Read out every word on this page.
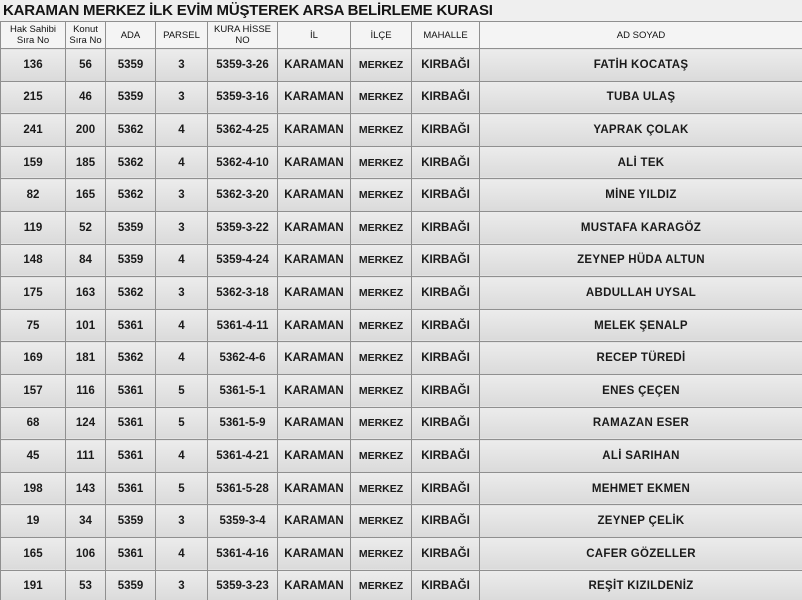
KARAMAN MERKEZ İLK EVİM MÜŞTEREK ARSA BELİRLEME KURASI
Hak Sahibi Sıra No	Konut Sıra No	ADA	PARSEL	KURA HİSSE NO	İL	İLÇE	MAHALLE	AD SOYAD
136	56	5359	3	5359-3-26	KARAMAN	MERKEZ	KIRBAĞI	FATİH KOCATAŞ
215	46	5359	3	5359-3-16	KARAMAN	MERKEZ	KIRBAĞI	TUBA ULAŞ
241	200	5362	4	5362-4-25	KARAMAN	MERKEZ	KIRBAĞI	YAPRAK ÇOLAK
159	185	5362	4	5362-4-10	KARAMAN	MERKEZ	KIRBAĞI	ALİ TEK
82	165	5362	3	5362-3-20	KARAMAN	MERKEZ	KIRBAĞI	MİNE YILDIZ
119	52	5359	3	5359-3-22	KARAMAN	MERKEZ	KIRBAĞI	MUSTAFA KARAGÖZ
148	84	5359	4	5359-4-24	KARAMAN	MERKEZ	KIRBAĞI	ZEYNEP HÜDA ALTUN
175	163	5362	3	5362-3-18	KARAMAN	MERKEZ	KIRBAĞI	ABDULLAH UYSAL
75	101	5361	4	5361-4-11	KARAMAN	MERKEZ	KIRBAĞI	MELEK ŞENALP
169	181	5362	4	5362-4-6	KARAMAN	MERKEZ	KIRBAĞI	RECEP TÜREDİ
157	116	5361	5	5361-5-1	KARAMAN	MERKEZ	KIRBAĞI	ENES ÇEÇEN
68	124	5361	5	5361-5-9	KARAMAN	MERKEZ	KIRBAĞI	RAMAZAN ESER
45	111	5361	4	5361-4-21	KARAMAN	MERKEZ	KIRBAĞI	ALİ SARIHAN
198	143	5361	5	5361-5-28	KARAMAN	MERKEZ	KIRBAĞI	MEHMET EKMEN
19	34	5359	3	5359-3-4	KARAMAN	MERKEZ	KIRBAĞI	ZEYNEP ÇELİK
165	106	5361	4	5361-4-16	KARAMAN	MERKEZ	KIRBAĞI	CAFER GÖZELLER
191	53	5359	3	5359-3-23	KARAMAN	MERKEZ	KIRBAĞI	REŞİT KIZILDENİZ
